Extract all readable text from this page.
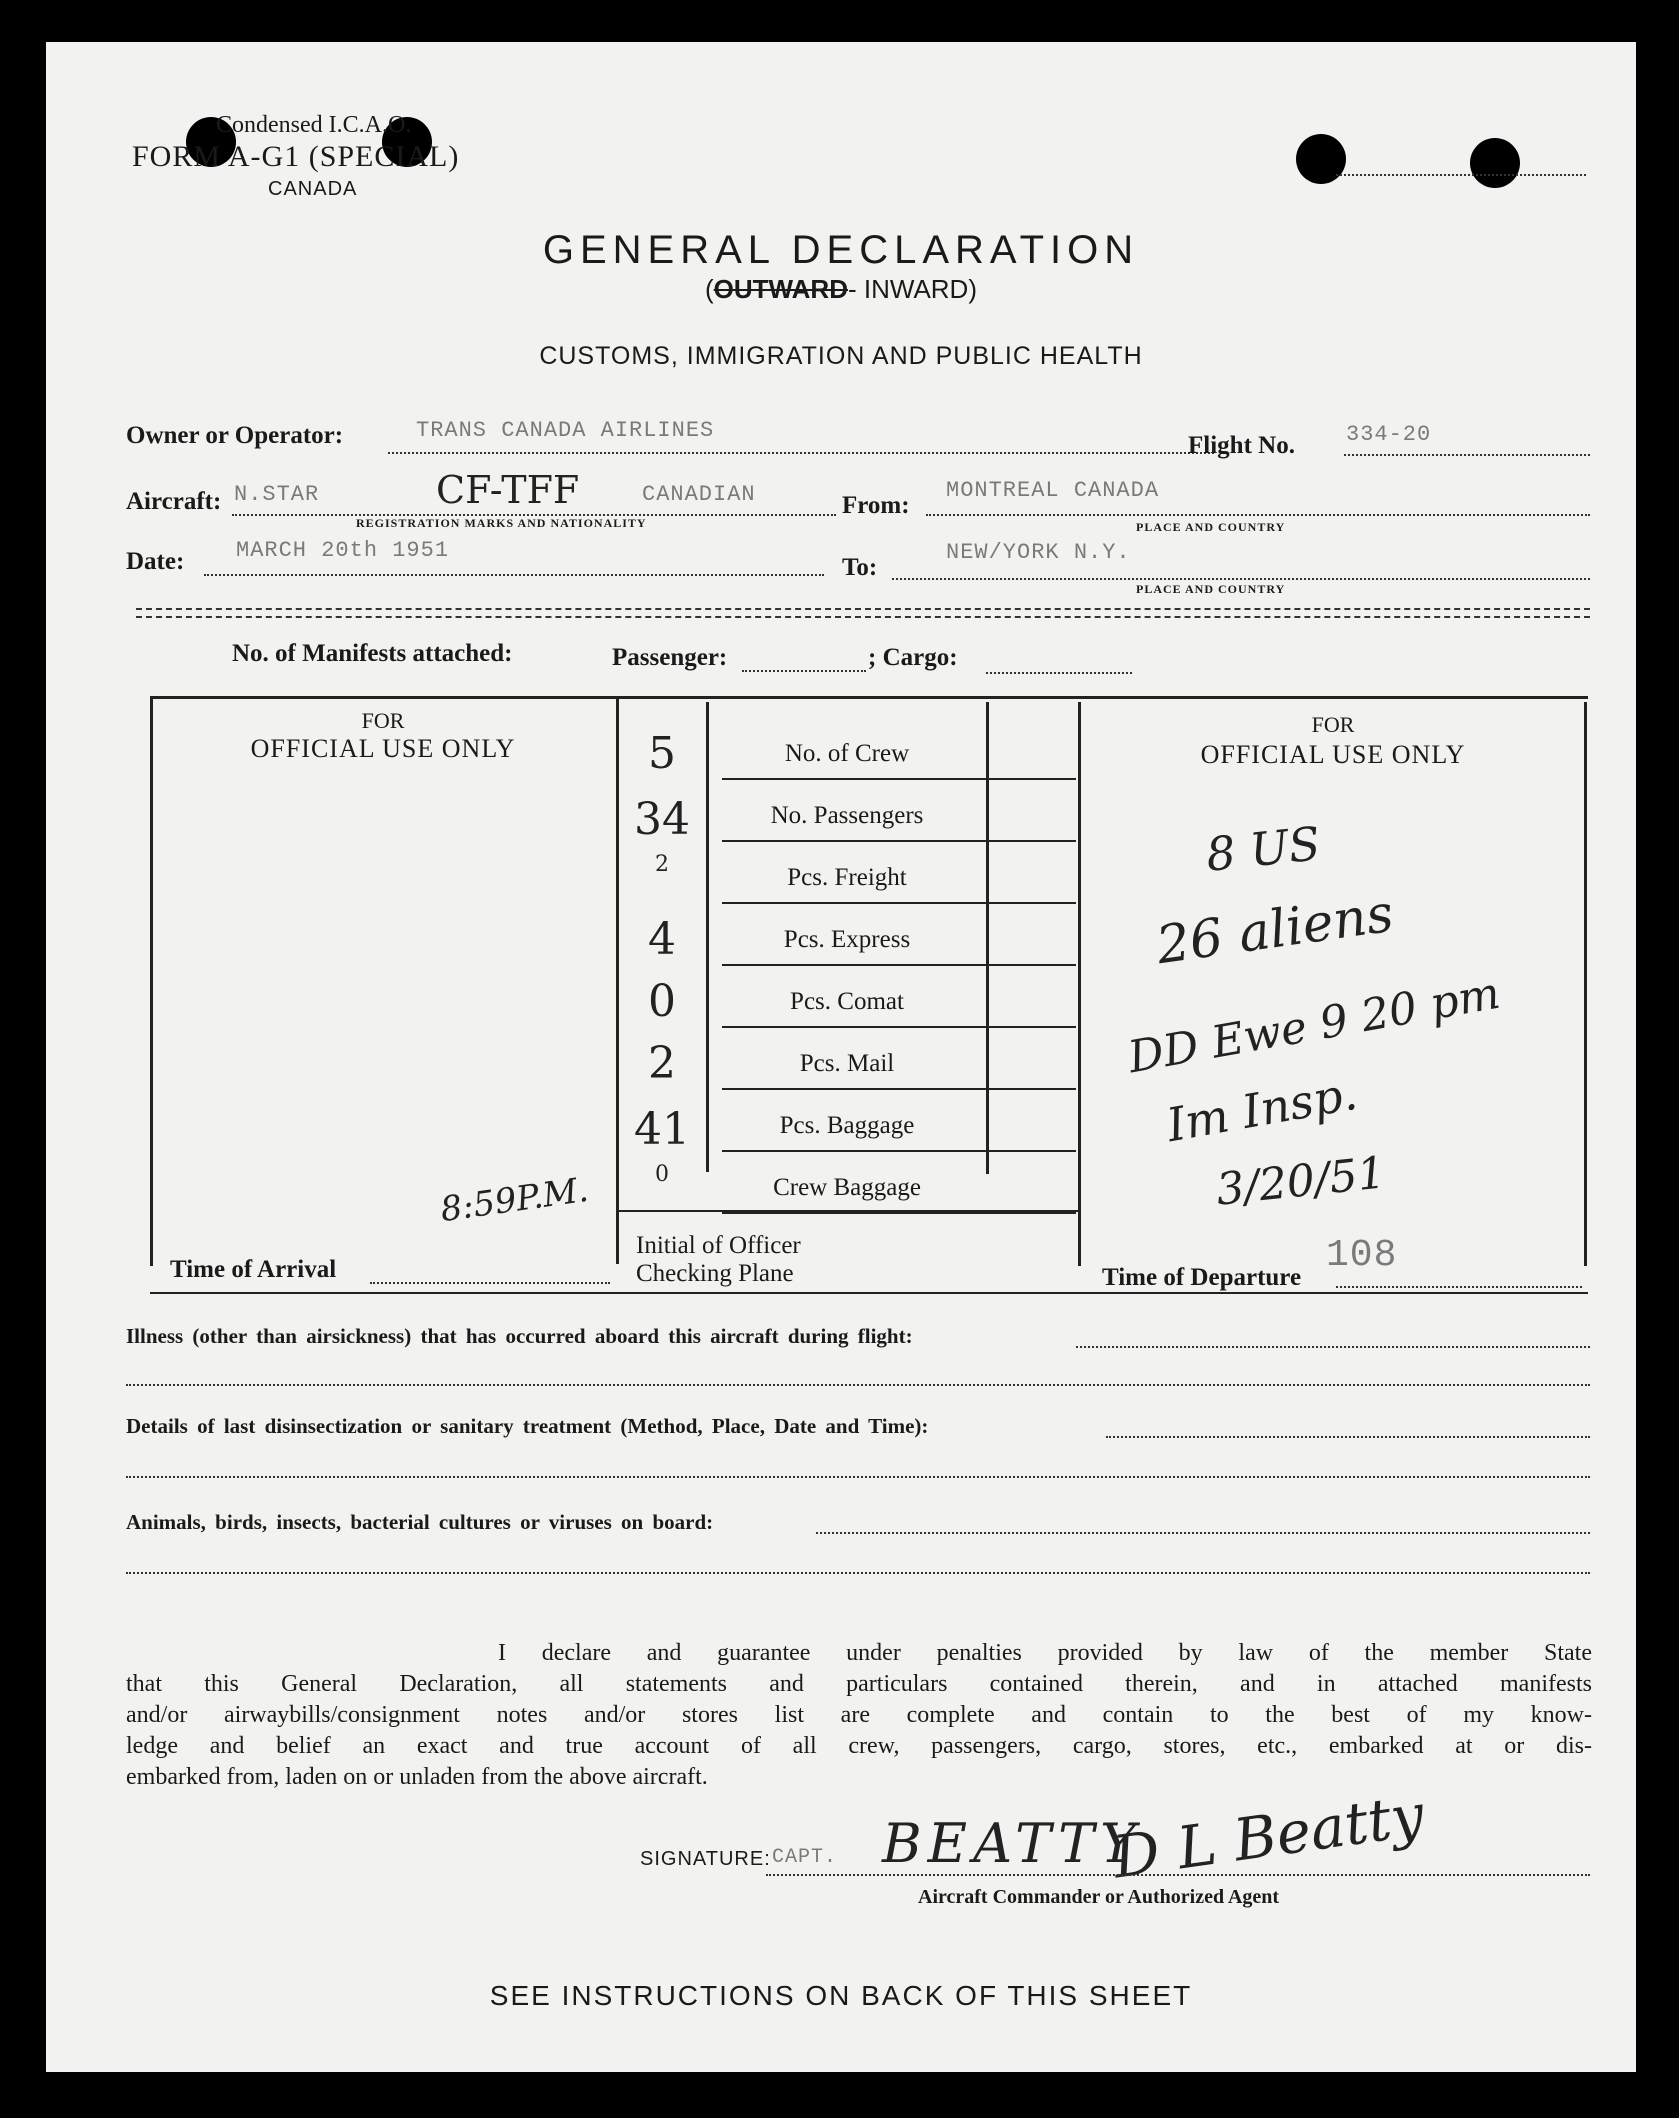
Condensed I.C.A.O.
FORM A-G1 (SPECIAL)
CANADA
GENERAL DECLARATION
(OUTWARD- INWARD)
CUSTOMS, IMMIGRATION AND PUBLIC HEALTH
Owner or Operator:	TRANS CANADA AIRLINES
Flight No. 334-20
Aircraft: N.STAR	CF-TFF	CANADIAN
REGISTRATION MARKS AND NATIONALITY
From:
MONTREAL CANADA
PLACE AND COUNTRY
Date: MARCH 20th 1951
To:
NEW/YORK N.Y.
PLACE AND COUNTRY
No. of Manifests attached:	Passenger:	; Cargo:
FOR
OFFICIAL USE ONLY
FOR
OFFICIAL USE ONLY
5	No. of Crew
34	No. Passengers
2	Pcs. Freight
4	Pcs. Express
0	Pcs. Comat
2	Pcs. Mail
41	Pcs. Baggage
0	Crew Baggage
Initial of Officer
Checking Plane
8:59P.M.
Time of Arrival	Time of Departure
108
8 US
26 aliens
DD Ewe 9 20 pm
Im Insp.
3/20/51
Illness (other than airsickness) that has occurred aboard this aircraft during flight:
Details of last disinsectization or sanitary treatment (Method, Place, Date and Time):
Animals, birds, insects, bacterial cultures or viruses on board:
I declare and guarantee under penalties provided by law of the member State
that this General Declaration, all statements and particulars contained therein, and in attached manifests
and/or airwaybills/consignment notes and/or stores list are complete and contain to the best of my know-
ledge and belief an exact and true account of all crew, passengers, cargo, stores, etc., embarked at or dis-
embarked from, laden on or unladen from the above aircraft.
SIGNATURE: CAPT. BEATTY
D L Beatty
Aircraft Commander or Authorized Agent
SEE INSTRUCTIONS ON BACK OF THIS SHEET
